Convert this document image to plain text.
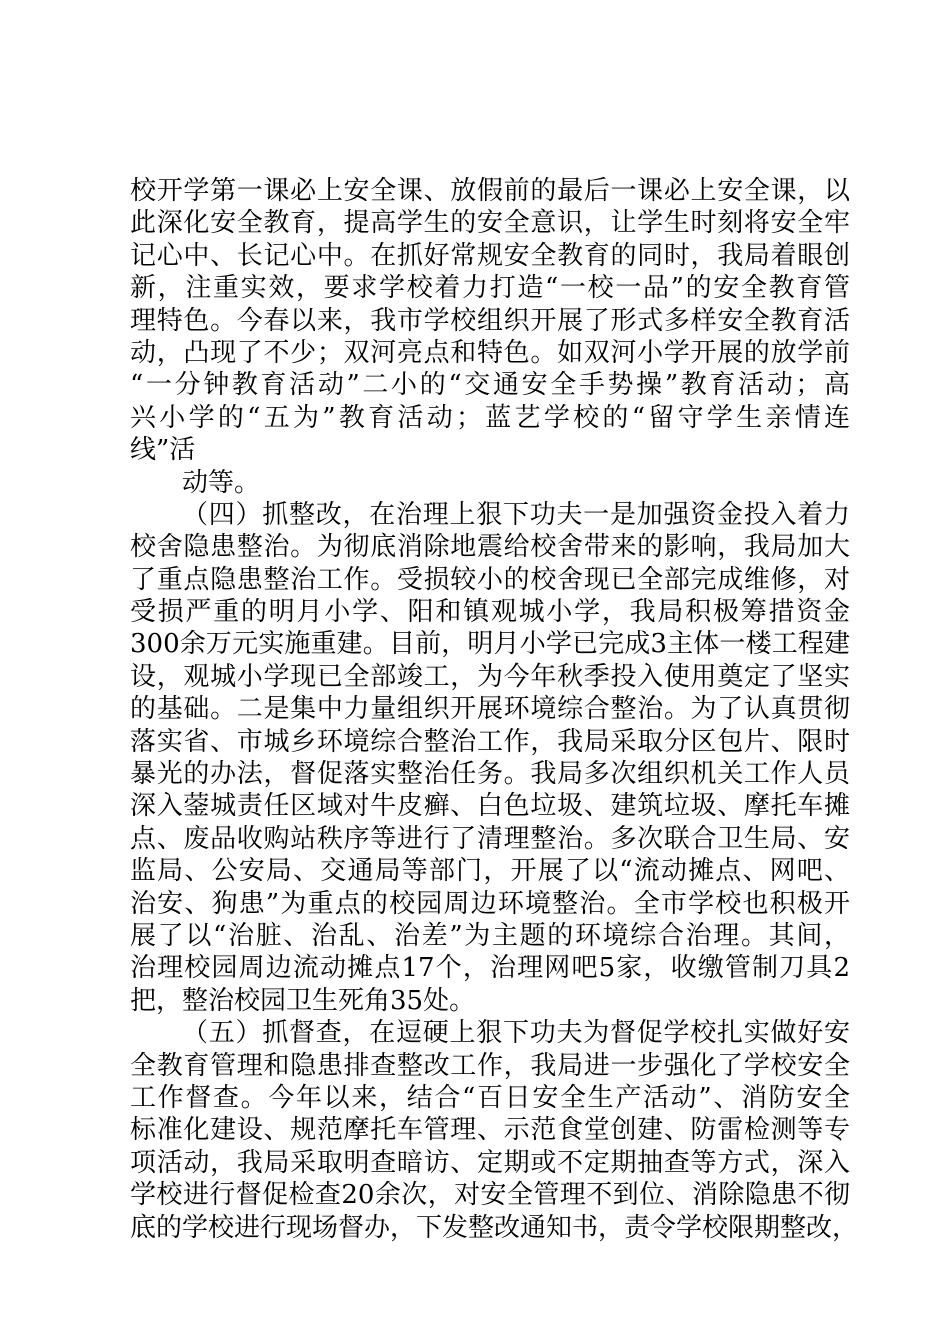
校开学第一课必上安全课、放假前的最后一课必上安全课，以
此深化安全教育，提高学生的安全意识，让学生时刻将安全牢
记心中、长记心中。在抓好常规安全教育的同时，我局着眼创
新，注重实效，要求学校着力打造“一校一品”的安全教育管
理特色。今春以来，我市学校组织开展了形式多样安全教育活
动，凸现了不少；双河亮点和特色。如双河小学开展的放学前
“一分钟教育活动”二小的“交通安全手势操”教育活动；高
兴小学的“五为”教育活动；蓝艺学校的“留守学生亲情连
线”活
动等。
（四）抓整改，在治理上狠下功夫一是加强资金投入着力
校舍隐患整治。为彻底消除地震给校舍带来的影响，我局加大
了重点隐患整治工作。受损较小的校舍现已全部完成维修，对
受损严重的明月小学、阳和镇观城小学，我局积极筹措资金
300余万元实施重建。目前，明月小学已完成3主体一楼工程建
设，观城小学现已全部竣工，为今年秋季投入使用奠定了坚实
的基础。二是集中力量组织开展环境综合整治。为了认真贯彻
落实省、市城乡环境综合整治工作，我局采取分区包片、限时
暴光的办法，督促落实整治任务。我局多次组织机关工作人员
深入蓥城责任区域对牛皮癣、白色垃圾、建筑垃圾、摩托车摊
点、废品收购站秩序等进行了清理整治。多次联合卫生局、安
监局、公安局、交通局等部门，开展了以“流动摊点、网吧、
治安、狗患”为重点的校园周边环境整治。全市学校也积极开
展了以“治脏、治乱、治差”为主题的环境综合治理。其间，
治理校园周边流动摊点17个，治理网吧5家，收缴管制刀具2
把，整治校园卫生死角35处。
（五）抓督查，在逗硬上狠下功夫为督促学校扎实做好安
全教育管理和隐患排查整改工作，我局进一步强化了学校安全
工作督查。今年以来，结合“百日安全生产活动”、消防安全
标准化建设、规范摩托车管理、示范食堂创建、防雷检测等专
项活动，我局采取明查暗访、定期或不定期抽查等方式，深入
学校进行督促检查20余次，对安全管理不到位、消除隐患不彻
底的学校进行现场督办，下发整改通知书，责令学校限期整改，
